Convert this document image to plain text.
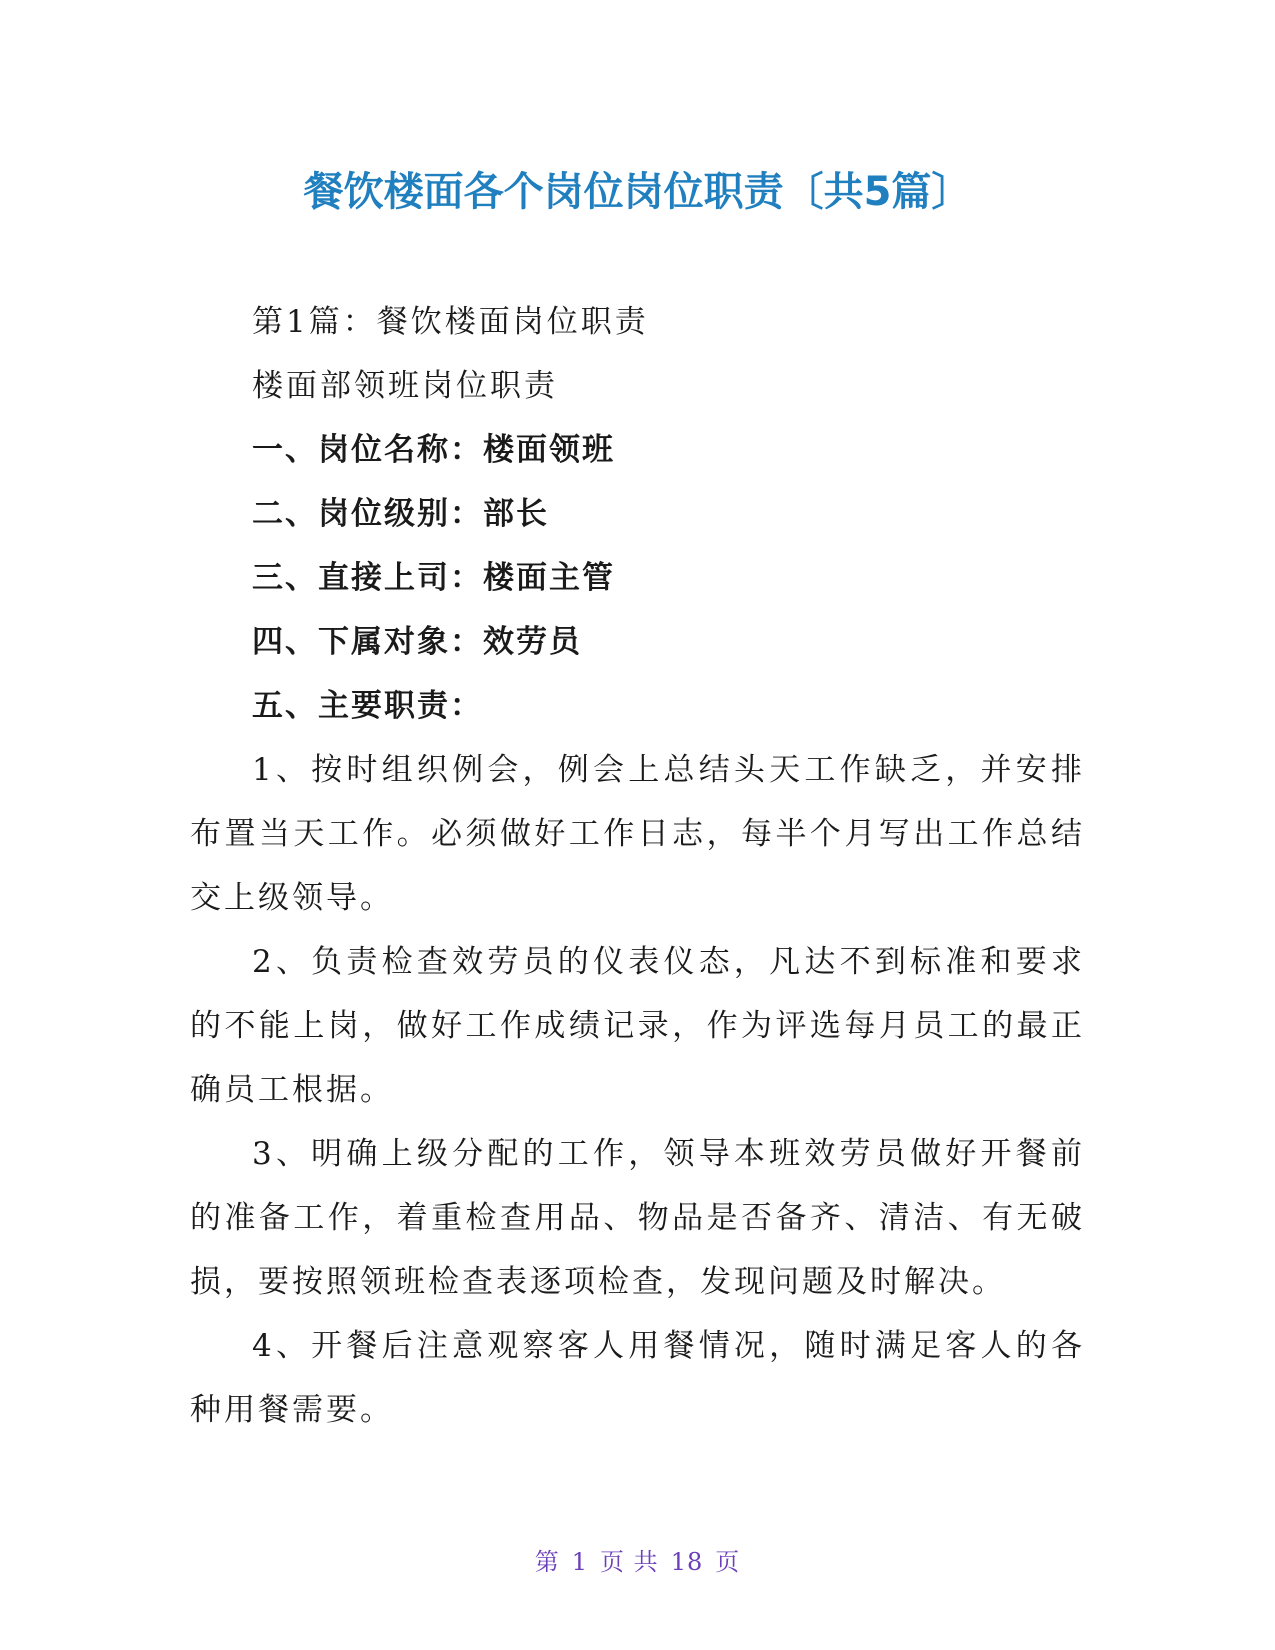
餐饮楼面各个岗位岗位职责〔共5篇〕

第1篇：餐饮楼面岗位职责

楼面部领班岗位职责

一、岗位名称：楼面领班

二、岗位级别：部长

三、直接上司：楼面主管

四、下属对象：效劳员

五、主要职责：

1、按时组织例会，例会上总结头天工作缺乏，并安排布置当天工作。必须做好工作日志，每半个月写出工作总结交上级领导。

2、负责检查效劳员的仪表仪态，凡达不到标准和要求的不能上岗，做好工作成绩记录，作为评选每月员工的最正确员工根据。

3、明确上级分配的工作，领导本班效劳员做好开餐前的准备工作，着重检查用品、物品是否备齐、清洁、有无破损，要按照领班检查表逐项检查，发现问题及时解决。

4、开餐后注意观察客人用餐情况，随时满足客人的各种用餐需要。

第 1 页 共 18 页
